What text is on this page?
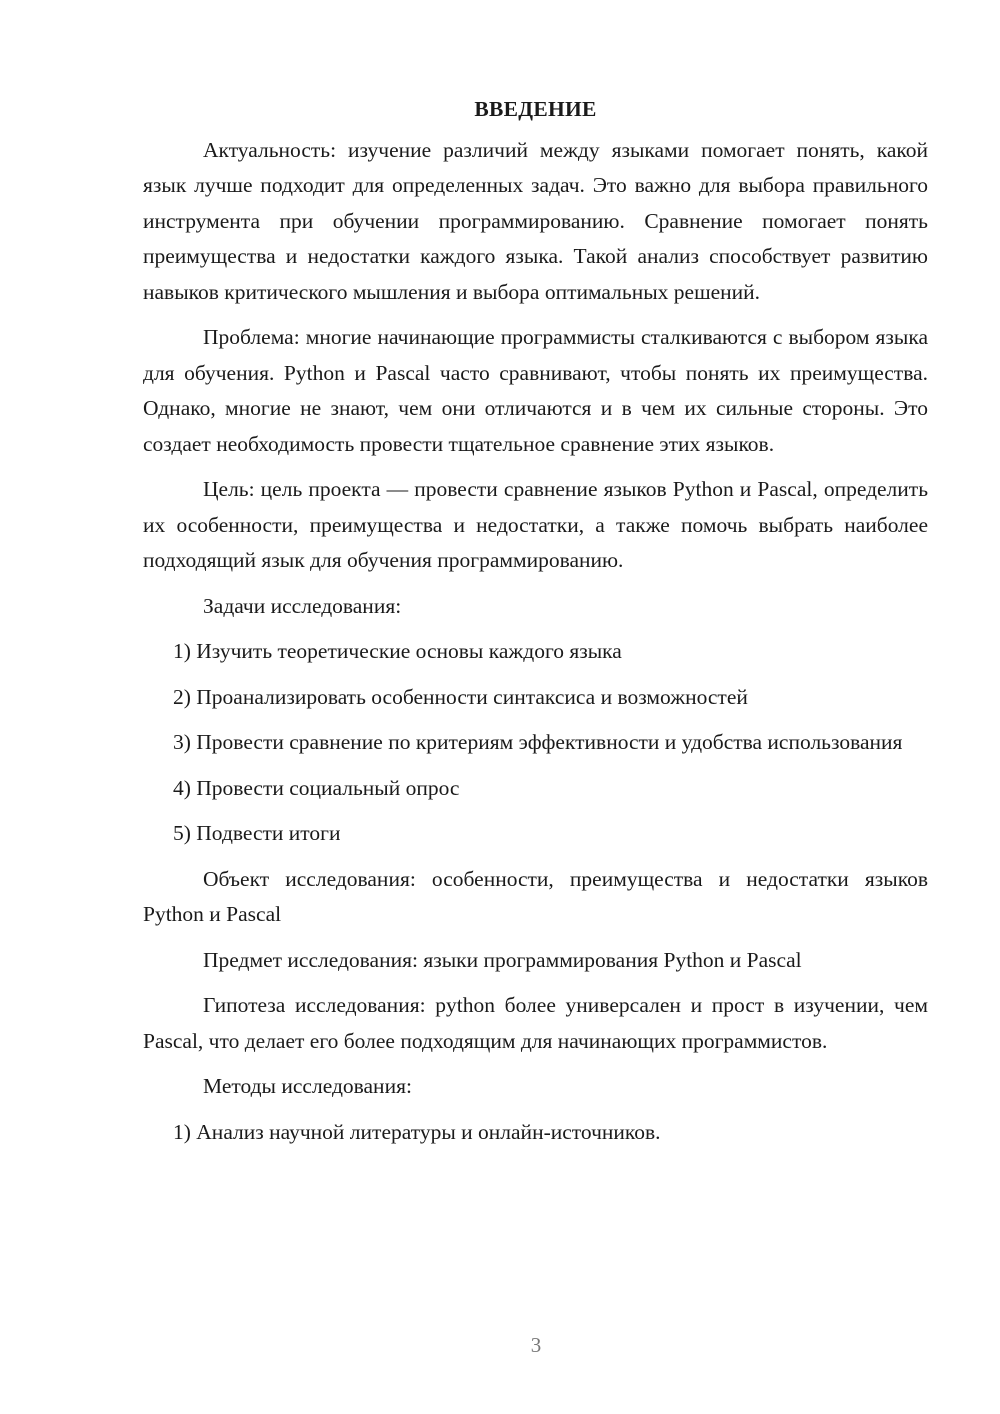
ВВЕДЕНИЕ

Актуальность: изучение различий между языками помогает понять, какой язык лучше подходит для определенных задач. Это важно для выбора правильного инструмента при обучении программированию. Сравнение помогает понять преимущества и недостатки каждого языка. Такой анализ способствует развитию навыков критического мышления и выбора оптимальных решений.

Проблема: многие начинающие программисты сталкиваются с выбором языка для обучения. Python и Pascal часто сравнивают, чтобы понять их преимущества. Однако, многие не знают, чем они отличаются и в чем их сильные стороны. Это создает необходимость провести тщательное сравнение этих языков.

Цель: цель проекта — провести сравнение языков Python и Pascal, определить их особенности, преимущества и недостатки, а также помочь выбрать наиболее подходящий язык для обучения программированию.

Задачи исследования:

1) Изучить теоретические основы каждого языка

2) Проанализировать особенности синтаксиса и возможностей

3) Провести сравнение по критериям эффективности и удобства использования

4) Провести социальный опрос

5) Подвести итоги

Объект исследования: особенности, преимущества и недостатки языков Python и Pascal

Предмет исследования: языки программирования Python и Pascal

Гипотеза исследования: python более универсален и прост в изучении, чем Pascal, что делает его более подходящим для начинающих программистов.

Методы исследования:

1) Анализ научной литературы и онлайн-источников.

3
